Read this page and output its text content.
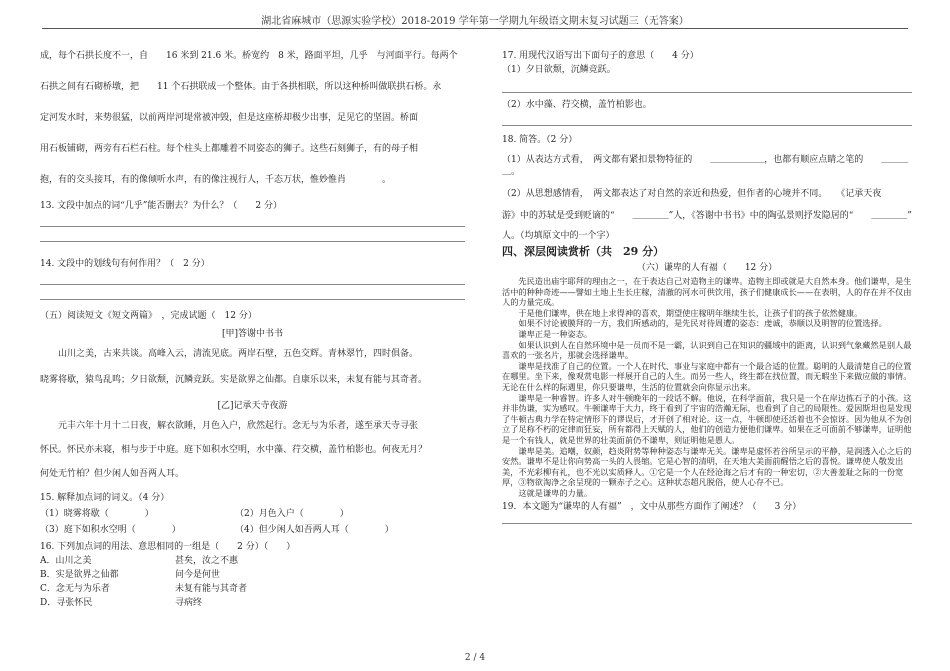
湖北省麻城市（思源实验学校）2018-2019 学年第一学期九年级语文期末复习试题三（无答案）

成，每个石拱长度不一，自　　16 米到 21.6 米。桥宽约　8 米，路面平坦，几乎　与河面平行。每两个

石拱之间有石砌桥墩，把　　11 个石拱联成一个整体。由于各拱相联，所以这种桥叫做联拱石桥。永

定河发水时，来势很猛，以前两岸河堤常被冲毁，但是这座桥却极少出事，足见它的坚固。桥面

用石板铺砌，两旁有石栏石柱。每个柱头上都雕着不同姿态的狮子。这些石刻狮子，有的母子相

抱，有的交头接耳，有的像倾听水声，有的像注视行人，千态万状，惟妙惟肖　　　　。

13. 文段中加点的词“几乎”能否删去？为什么？（　　2 分）

14. 文段中的划线句有何作用？（　2 分）

（五）阅读短文《短文两篇》　，完成试题（　12 分）

[甲]答谢中书书

山川之美，古来共谈。高峰入云，清流见底。两岸石壁，五色交辉。青林翠竹，四时俱备。

晓雾将歇，猿鸟乱鸣；夕日欲颓，沉鳞竞跃。实是欲界之仙都。自康乐以来，未复有能与其奇者。

[乙]记承天寺夜游

元丰六年十月十二日夜，解衣欲睡，月色入户，欣然起行。念无与为乐者，遂至承天寺寻张

怀民。怀民亦未寝，相与步于中庭。庭下如积水空明，水中藻、荇交横，盖竹柏影也。何夜无月？

何处无竹柏？但少闲人如吾两人耳。

15. 解释加点词的词义。（4 分）

（1）晓雾将歇（　　　　）	（2）月色入户（　　　　）
（3）庭下如积水空明（　　　　）	（4）但少闲人如吾两人耳（　　　　）

16. 下列加点词的用法、意思相同的一组是（　　2 分）（　　）

A．山川之美	甚矣，汝之不惠
B．实是欲界之仙都	问今是何世
C．念无与为乐者	未复有能与其奇者
D．寻张怀民	寻病终

17. 用现代汉语写出下面句子的意思（　　4 分）

（1）夕日欲颓，沉鳞竞跃。

（2）水中藻、荇交横，盖竹柏影也。

18. 简答。（2 分）

（1）从表达方式看，　两文都有紧扣景物特征的　　＿＿＿＿＿＿，也都有顺应点睛之笔的　　＿＿＿＿。

（2）从思想感情看，　两文都表达了对自然的亲近和热爱，但作者的心境并不同。　　《记承天夜

游》中的苏轼是受到贬谪的“　　＿＿＿＿”人，《答谢中书书》中的陶弘景则抒发隐居的“　　＿＿＿＿”

人。（均填原文中的一个字）

四、深层阅读赏析（共　29 分）

（六）谦卑的人有福（　　12 分）

先民造出庙宇耶拜的理由之一，在于表达自己对造物主的谦卑。造物主即或就是大自然本身。他们谦卑，是生活中的种种奇迹——譬如土地上生长庄稼，清澈的河水可供饮用，孩子们健康成长——在表明，人的存在并不仅由人的力量完成。

于是他们谦卑，供在地上求得神的喜欢，期望使庄稼明年继续生长，让孩子们的孩子依然健康。

如果不讨论被膜拜的一方，我们所感动的，是先民对待周遭的姿态：虔诚，恭顺以及明智的位置选择。

谦卑正是一种姿态。

如果认识到人在自然环境中是一员而不是一霸，认识到自己在知识的疆域中的距离，认识到气象藏然是别人最喜欢的一张名片，那就会选择谦卑。

谦卑是找准了自己的位置。一个人在时代、事业与家庭中都有一个最合适的位置。聪明的人最清楚自己的位置在哪里。坐下来，像观赏电影一样展开自己的人生。而另一些人，终生都在找位置，而无暇坐下来做应做的事情。无论在什么样的际遇里，你只要谦卑，生活的位置就会向你显示出来。

谦卑是一种睿智。许多人对牛顿晚年的一段话不解。他说，在科学面前，我只是一个在岸边拣石子的小孩。这并非伪谦，实为感叹。牛顿谦卑于大力，终于看到了宇宙的浩瀚无际，也看到了自己的局限性。爱因斯坦也是发现了牛顿古典力学在特定情形下的谬误后，才开创了相对论。这一点，牛顿即使还活着也不会惊讶。因为他从不为创立了足称不朽的定律而狂妄，所有都得上天赋的人，他们的创造力便他们谦卑。如果在乏可面前不够谦卑，证明他是一个有钱人，就是世界的壮美面前仍不谦卑，则证明他是愚人。

谦卑是美。追嘲，奴颜，趋炎附势等种种姿态与谦卑无关。谦卑是虚怀若谷所呈示的平静，是润透入心之后的安然。谦卑不是让你向势高一头的人畏缩。它是心智的清明，在天地大美面前醒悟之后的喜悦。谦卑使人敬发出美，不光彩柳有礼，也不光以实质释人。①它是一个人在经沧海之后才有的一种宏切，②大善羞耻之际的一份宽厚，③物欲淘净之余呈现的一颗赤子之心。这种状态超凡脱俗，使人心存不已。

这就是谦卑的力量。

19．本文题为“谦卑的人有福”　，文中从那些方面作了阐述？（　　3 分）

2 / 4
